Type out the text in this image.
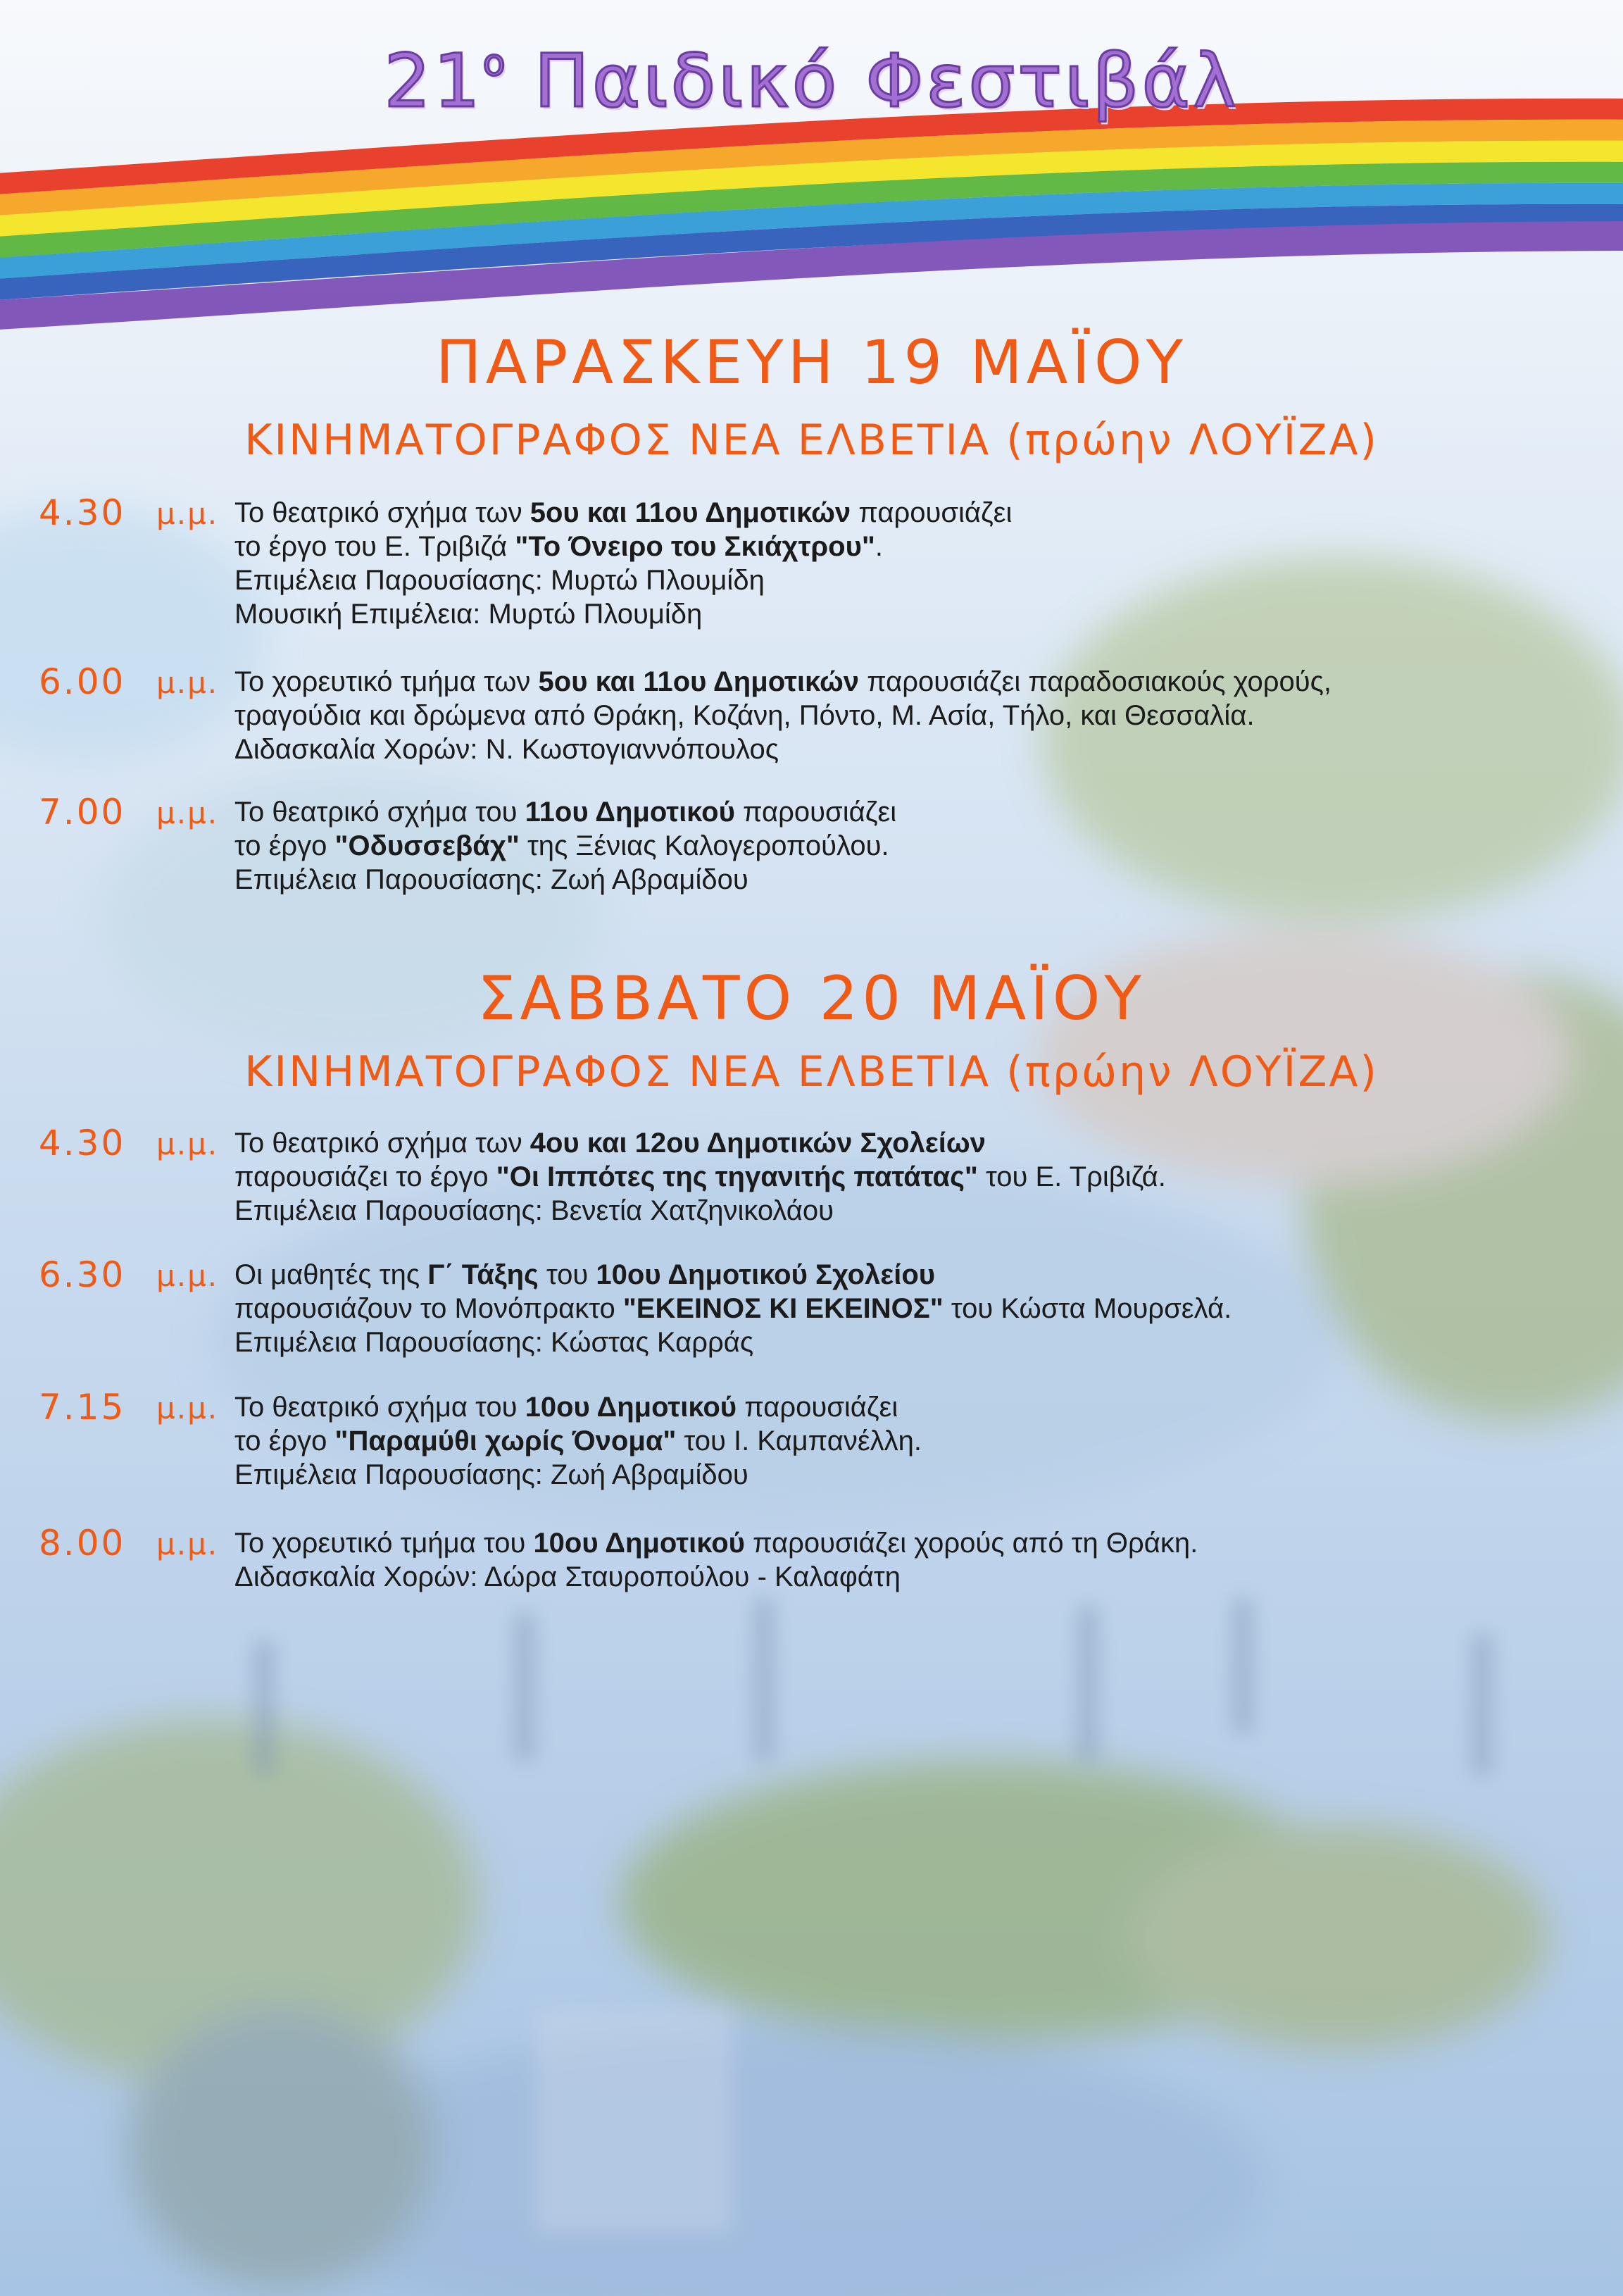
$21^o$ Παιδικό Φεστιβάλ
ΠΑΡΑΣΚΕΥΗ 19 ΜΑΪΟΥ
ΚΙΝΗΜΑΤΟΓΡΑΦΟΣ ΝΕΑ ΕΛΒΕΤΙΑ (πρώην ΛΟΥΪΖΑ)
4.30	μ.μ. Το θεατρικό σχήμα των 5ου και 11ου Δημοτικών παρουσιάζει
το έργο του Ε. Τριβιζά "Το Όνειρο του Σκιάχτρου".
Επιμέλεια Παρουσίασης: Μυρτώ Πλουμίδη
Μουσική Επιμέλεια: Μυρτώ Πλουμίδη
6.00	μ.μ. Το χορευτικό τμήμα των 5ου και 11ου Δημοτικών παρουσιάζει παραδοσιακούς χορούς,
τραγούδια και δρώμενα από Θράκη, Κοζάνη, Πόντο, Μ. Ασία, Τήλο, και Θεσσαλία.
Διδασκαλία Χορών: Ν. Κωστογιαννόπουλος
7.00	μ.μ. Το θεατρικό σχήμα του 11ου Δημοτικού παρουσιάζει
το έργο "Οδυσσεβάχ" της Ξένιας Καλογεροπούλου.
Επιμέλεια Παρουσίασης: Ζωή Αβραμίδου
ΣΑΒΒΑΤΟ 20 ΜΑΪΟΥ
ΚΙΝΗΜΑΤΟΓΡΑΦΟΣ ΝΕΑ ΕΛΒΕΤΙΑ (πρώην ΛΟΥΪΖΑ)
4.30	μ.μ. Το θεατρικό σχήμα των 4ου και 12ου Δημοτικών Σχολείων
παρουσιάζει το έργο "Οι Ιππότες της τηγανιτής πατάτας" του Ε. Τριβιζά.
Επιμέλεια Παρουσίασης: Βενετία Χατζηνικολάου
6.30	μ.μ. Οι μαθητές της Γ΄ Τάξης του 10ου Δημοτικού Σχολείου
παρουσιάζουν το Μονόπρακτο "ΕΚΕΙΝΟΣ ΚΙ ΕΚΕΙΝΟΣ" του Κώστα Μουρσελά.
Επιμέλεια Παρουσίασης: Κώστας Καρράς
7.15	μ.μ. Το θεατρικό σχήμα του 10ου Δημοτικού παρουσιάζει
το έργο "Παραμύθι χωρίς Όνομα" του Ι. Καμπανέλλη.
Επιμέλεια Παρουσίασης: Ζωή Αβραμίδου
8.00	μ.μ. Το χορευτικό τμήμα του 10ου Δημοτικού παρουσιάζει χορούς από τη Θράκη.
Διδασκαλία Χορών: Δώρα Σταυροπούλου - Καλαφάτη
